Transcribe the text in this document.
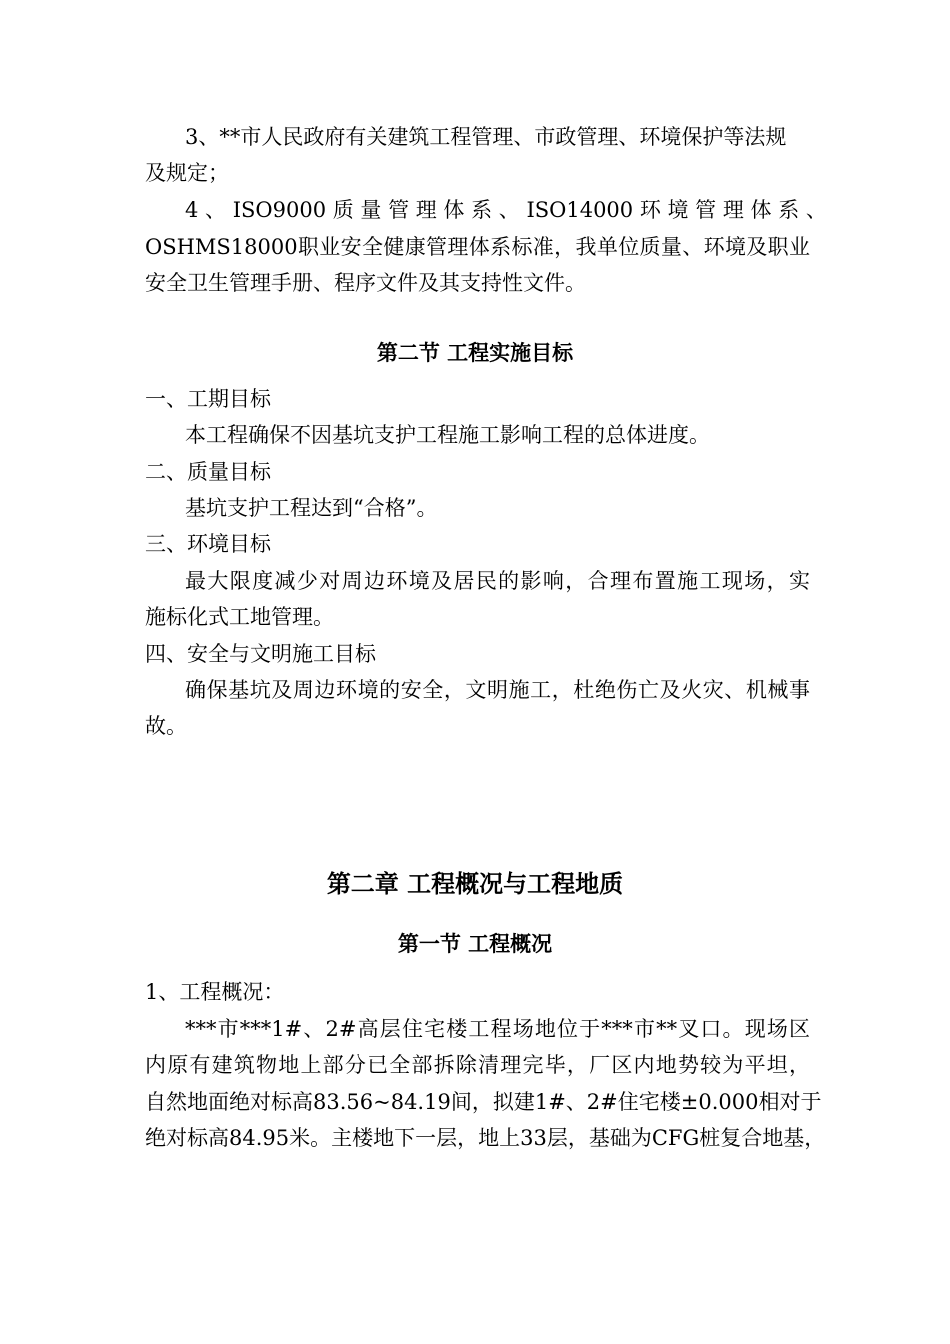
3、**市人民政府有关建筑工程管理、市政管理、环境保护等法规
及规定；
4 、 ISO9000 质 量 管 理 体 系 、 ISO14000 环 境 管 理 体 系 、
OSHMS18000职业安全健康管理体系标准，我单位质量、环境及职业
安全卫生管理手册、程序文件及其支持性文件。
第二节 工程实施目标
一、工期目标
本工程确保不因基坑支护工程施工影响工程的总体进度。
二、质量目标
基坑支护工程达到“合格”。
三、环境目标
最大限度减少对周边环境及居民的影响，合理布置施工现场，实
施标化式工地管理。
四、安全与文明施工目标
确保基坑及周边环境的安全，文明施工，杜绝伤亡及火灾、机械事
故。
第二章 工程概况与工程地质
第一节 工程概况
1、工程概况：
***市***1#、2#高层住宅楼工程场地位于***市**叉口。现场区
内原有建筑物地上部分已全部拆除清理完毕，厂区内地势较为平坦，
自然地面绝对标高83.56~84.19间，拟建1#、2#住宅楼±0.000相对于
绝对标高84.95米。主楼地下一层，地上33层，基础为CFG桩复合地基，
